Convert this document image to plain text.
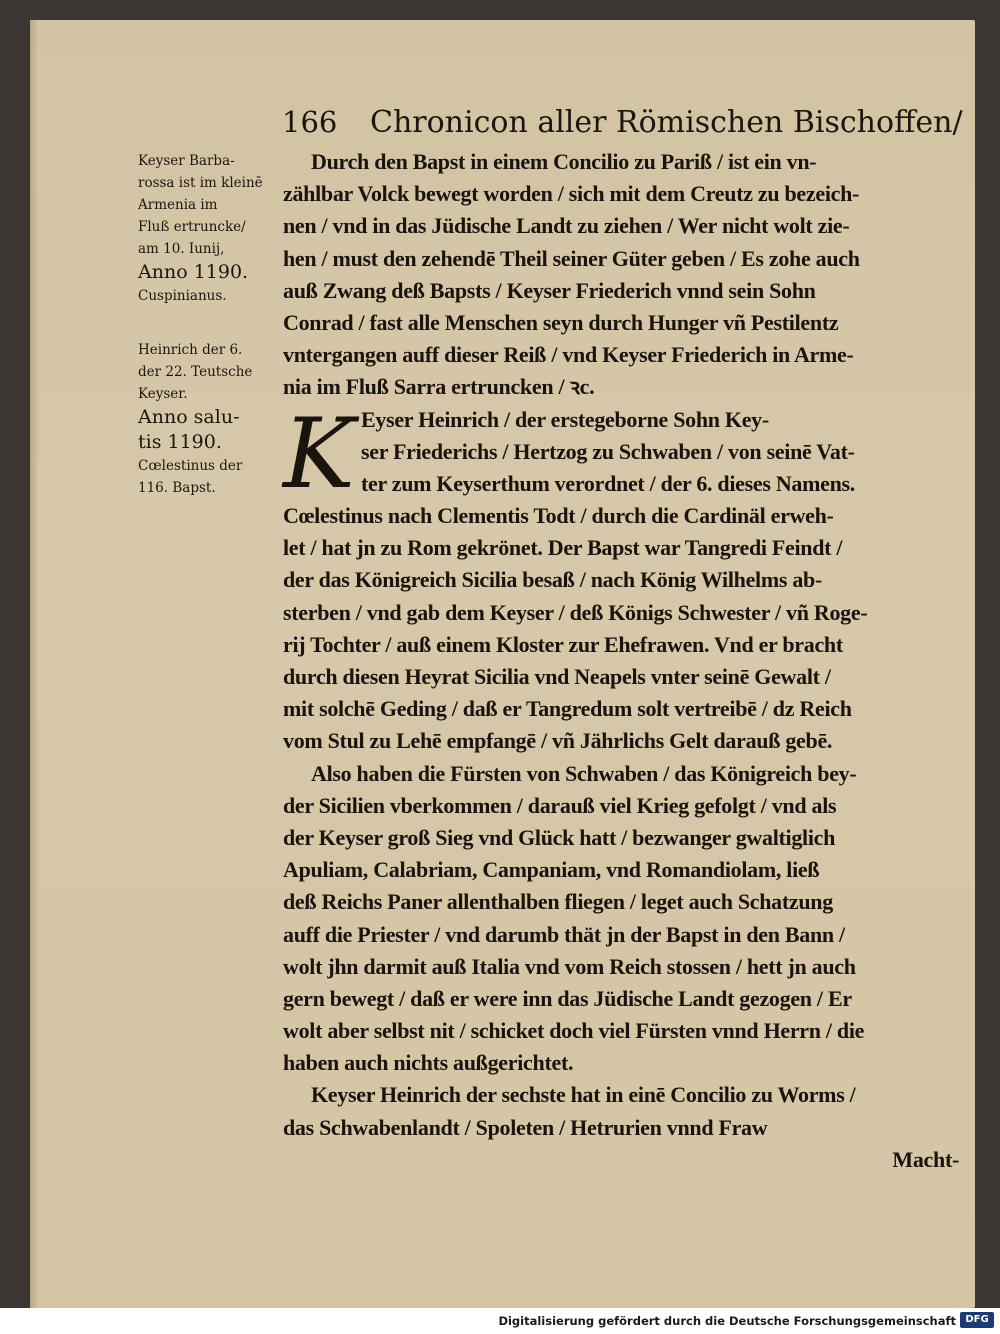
166 Chronicon aller Römischen Bischoffen/
Keyser Barba-
rossa ist im kleinē
Armenia im
Fluß ertruncke/
am 10. Iunij,
Anno 1190.
Cuspinianus.
Heinrich der 6.
der 22. Teutsche
Keyser.
Anno salu-
tis 1190.
Cœlestinus der
116. Bapst. K
Durch den Bapst in einem Concilio zu Pariß / ist ein vn-
zählbar Volck bewegt worden / sich mit dem Creutz zu bezeich-
nen / vnd in das Jüdische Landt zu ziehen / Wer nicht wolt zie-
hen / must den zehendē Theil seiner Güter geben / Es zohe auch
auß Zwang deß Bapsts / Keyser Friederich vnnd sein Sohn
Conrad / fast alle Menschen seyn durch Hunger vñ Pestilentz
vntergangen auff dieser Reiß / vnd Keyser Friederich in Arme-
nia im Fluß Sarra ertruncken / ꝛc.
Eyser Heinrich / der erstegeborne Sohn Key-
ser Friederichs / Hertzog zu Schwaben / von seinē Vat-
ter zum Keyserthum verordnet / der 6. dieses Namens.
Cœlestinus nach Clementis Todt / durch die Cardinäl erweh-
let / hat jn zu Rom gekrönet. Der Bapst war Tangredi Feindt /
der das Königreich Sicilia besaß / nach König Wilhelms ab-
sterben / vnd gab dem Keyser / deß Königs Schwester / vñ Roge-
rij Tochter / auß einem Kloster zur Ehefrawen. Vnd er bracht
durch diesen Heyrat Sicilia vnd Neapels vnter seinē Gewalt /
mit solchē Geding / daß er Tangredum solt vertreibē / dz Reich
vom Stul zu Lehē empfangē / vñ Jährlichs Gelt darauß gebē.
Also haben die Fürsten von Schwaben / das Königreich bey-
der Sicilien vberkommen / darauß viel Krieg gefolgt / vnd als
der Keyser groß Sieg vnd Glück hatt / bezwanger gwaltiglich
Apuliam, Calabriam, Campaniam, vnd Romandiolam, ließ
deß Reichs Paner allenthalben fliegen / leget auch Schatzung
auff die Priester / vnd darumb thät jn der Bapst in den Bann /
wolt jhn darmit auß Italia vnd vom Reich stossen / hett jn auch
gern bewegt / daß er were inn das Jüdische Landt gezogen / Er
wolt aber selbst nit / schicket doch viel Fürsten vnnd Herrn / die
haben auch nichts außgerichtet.
Keyser Heinrich der sechste hat in einē Concilio zu Worms /
das Schwabenlandt / Spoleten / Hetrurien vnnd Fraw
Macht-
Digitalisierung gefördert durch die Deutsche Forschungsgemeinschaft DFG
